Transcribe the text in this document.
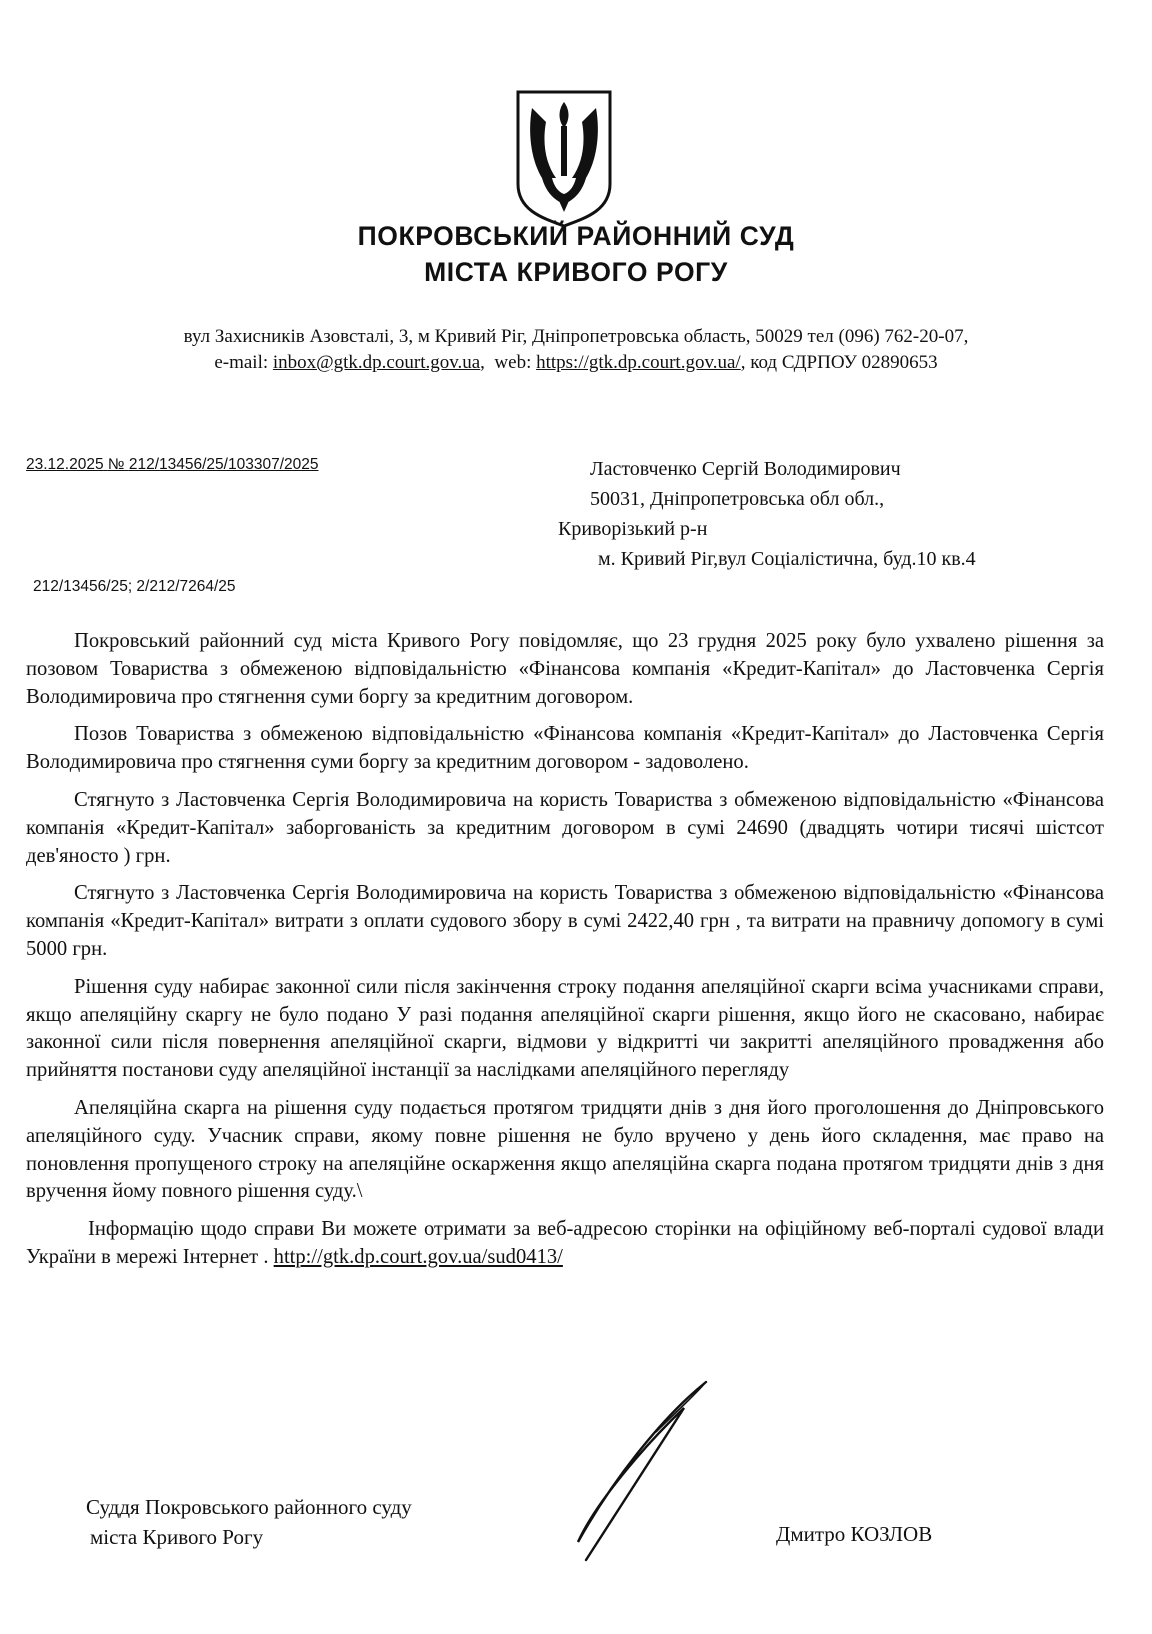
ПОКРОВСЬКИЙ РАЙОННИЙ СУД
МІСТА КРИВОГО РОГУ
вул Захисників Азовсталі, 3, м Кривий Ріг, Дніпропетровська область, 50029 тел (096) 762-20-07,
e-mail: inbox@gtk.dp.court.gov.ua,  web: https://gtk.dp.court.gov.ua/, код СДРПОУ 02890653
23.12.2025 № 212/13456/25/103307/2025	Ластовченко Сергій Володимирович
50031, Дніпропетровська обл обл.,
Криворізький р-н
м. Кривий Ріг,вул Соціалістична, буд.10 кв.4
212/13456/25; 2/212/7264/25

Покровський районний суд міста Кривого Рогу повідомляє, що 23 грудня 2025 року було ухвалено рішення за позовом Товариства з обмеженою відповідальністю «Фінансова компанія «Кредит-Капітал» до Ластовченка Сергія Володимировича про стягнення суми боргу за кредитним договором.

Позов Товариства з обмеженою відповідальністю «Фінансова компанія «Кредит-Капітал» до Ластовченка Сергія Володимировича про стягнення суми боргу за кредитним договором - задоволено.

Стягнуто з Ластовченка Сергія Володимировича на користь Товариства з обмеженою відповідальністю «Фінансова компанія «Кредит-Капітал» заборгованість за кредитним договором в сумі 24690 (двадцять чотири тисячі шістсот дев'яносто ) грн.

Стягнуто з Ластовченка Сергія Володимировича на користь Товариства з обмеженою відповідальністю «Фінансова компанія «Кредит-Капітал» витрати з оплати судового збору в сумі 2422,40 грн , та витрати на правничу допомогу в сумі 5000 грн.

Рішення суду набирає законної сили після закінчення строку подання апеляційної скарги всіма учасниками справи, якщо апеляційну скаргу не було подано У разі подання апеляційної скарги рішення, якщо його не скасовано, набирає законної сили після повернення апеляційної скарги, відмови у відкритті чи закритті апеляційного провадження або прийняття постанови суду апеляційної інстанції за наслідками апеляційного перегляду

Апеляційна скарга на рішення суду подається протягом тридцяти днів з дня його проголошення до Дніпровського апеляційного суду. Учасник справи, якому повне рішення не було вручено у день його складення, має право на поновлення пропущеного строку на апеляційне оскарження якщо апеляційна скарга подана протягом тридцяти днів з дня вручення йому повного рішення суду.\

Інформацію щодо справи Ви можете отримати за веб-адресою сторінки на офіційному веб-порталі судової влади України в мережі Інтернет . http://gtk.dp.court.gov.ua/sud0413/

Суддя Покровського районного суду
міста Кривого Рогу	Дмитро КОЗЛОВ
